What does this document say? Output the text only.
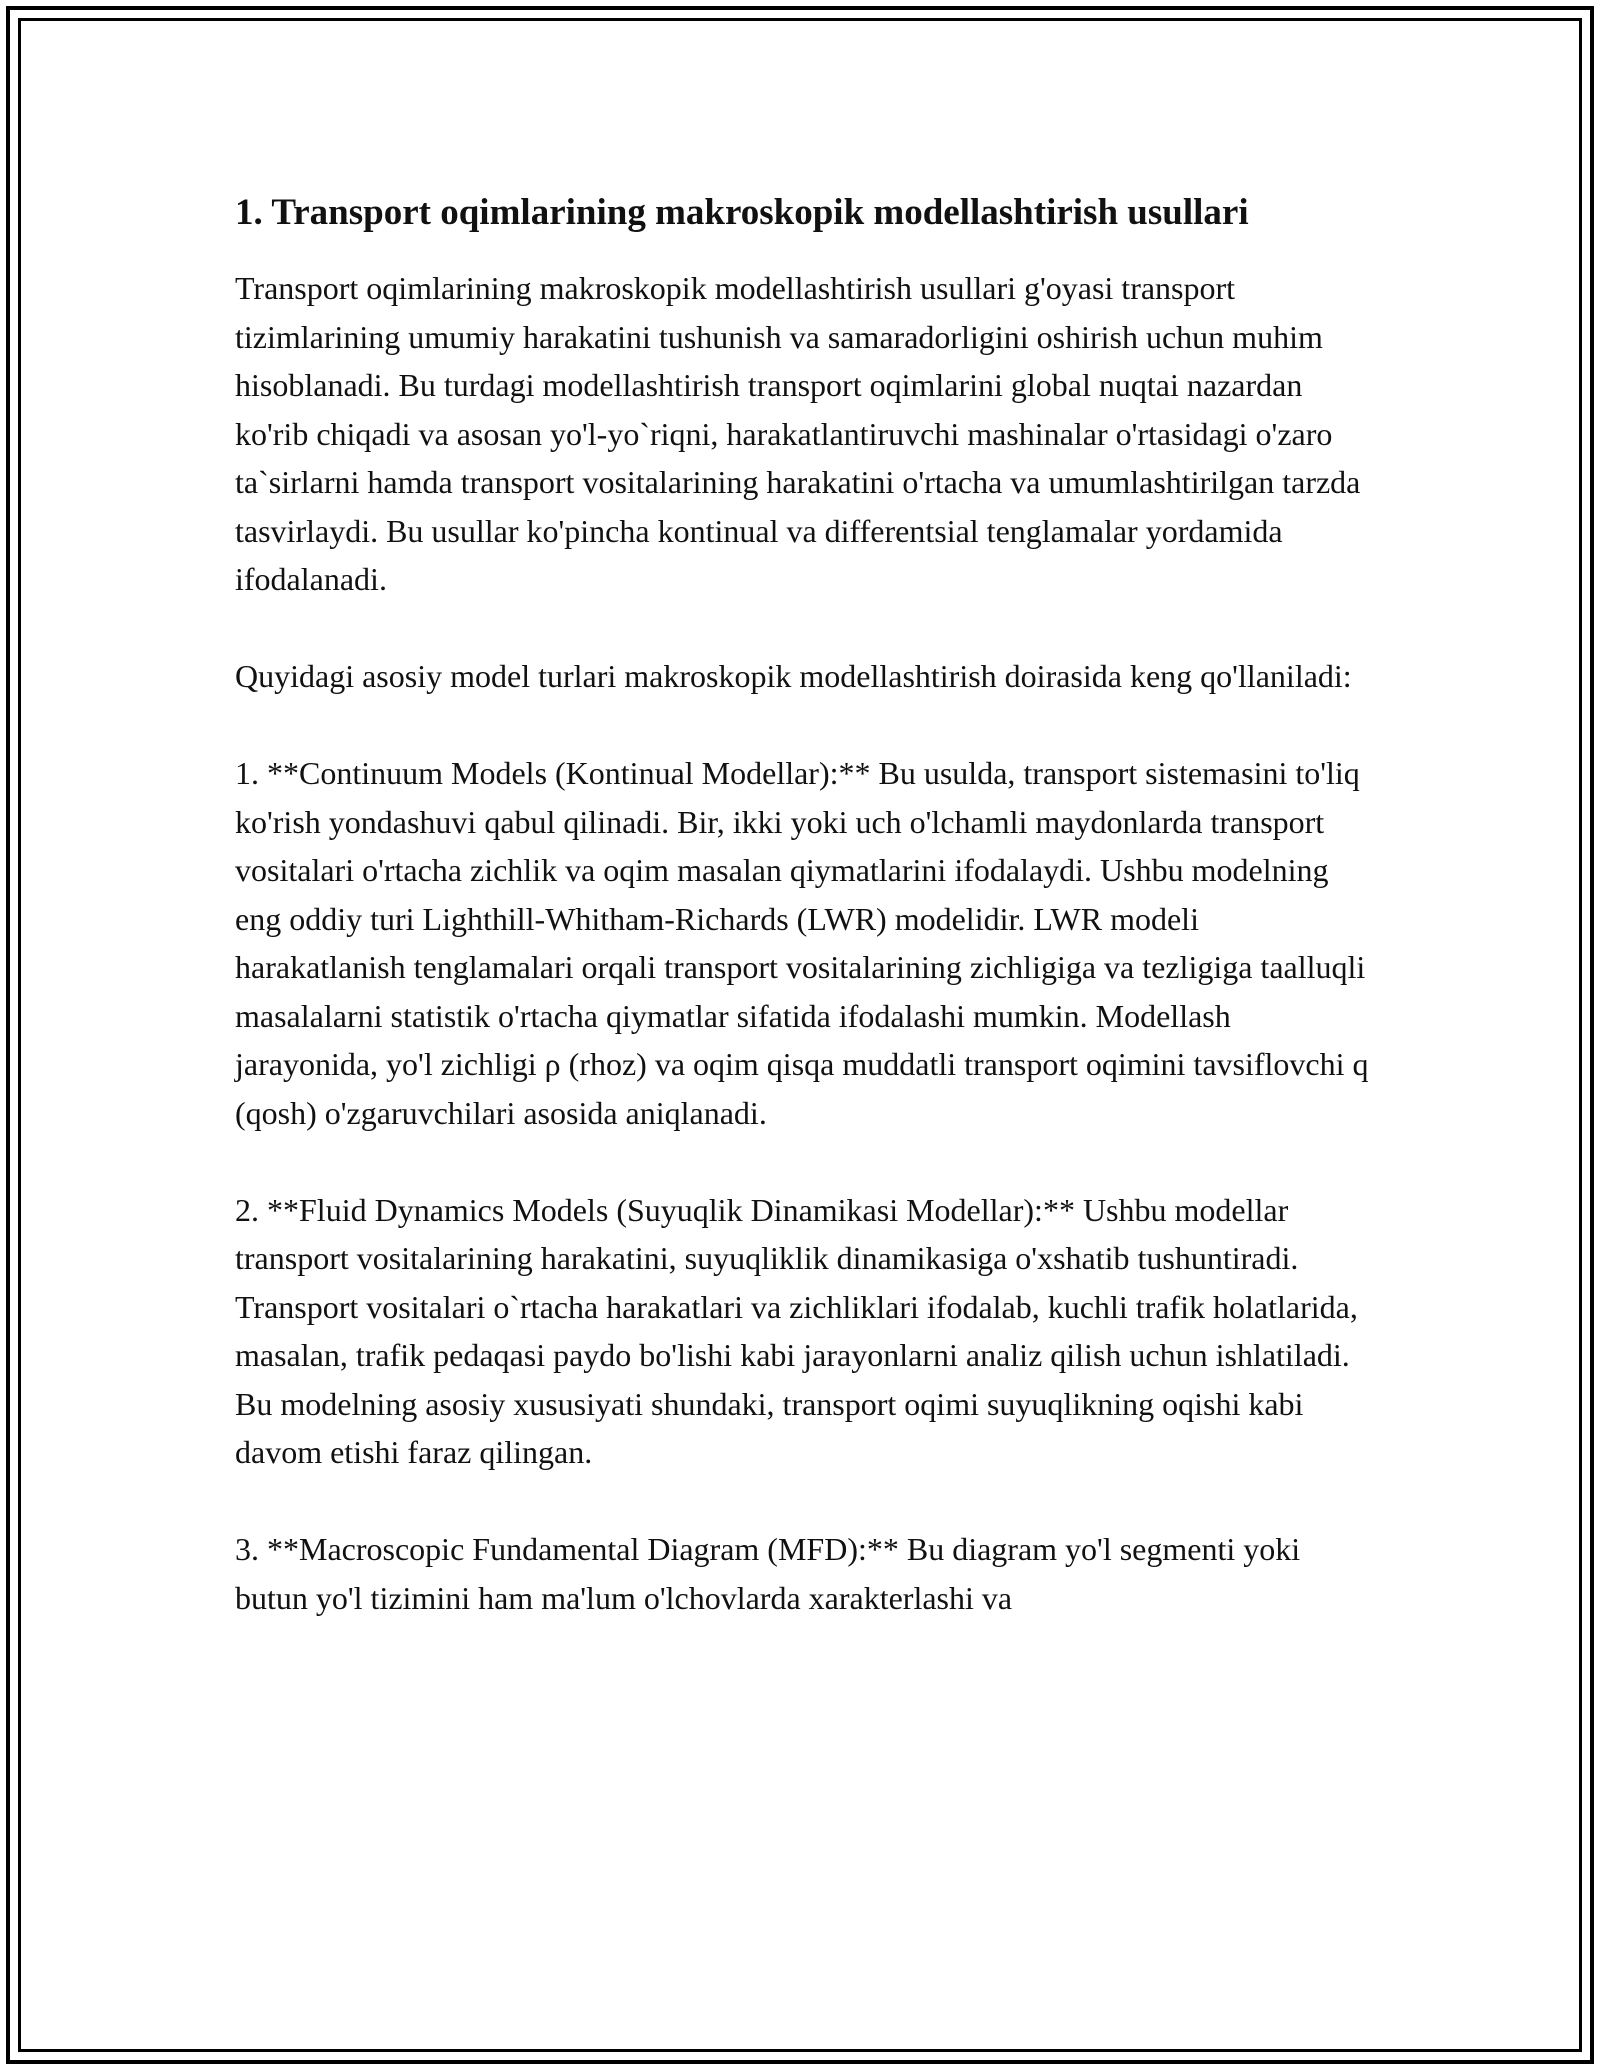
1. Transport oqimlarining makroskopik modellashtirish usullari

Transport oqimlarining makroskopik modellashtirish usullari g'oyasi transport tizimlarining umumiy harakatini tushunish va samaradorligini oshirish uchun muhim hisoblanadi. Bu turdagi modellashtirish transport oqimlarini global nuqtai nazardan ko'rib chiqadi va asosan yo'l-yo`riqni, harakatlantiruvchi mashinalar o'rtasidagi o'zaro ta`sirlarni hamda transport vositalarining harakatini o'rtacha va umumlashtirilgan tarzda tasvirlaydi. Bu usullar ko'pincha kontinual va differentsial tenglamalar yordamida ifodalanadi.

Quyidagi asosiy model turlari makroskopik modellashtirish doirasida keng qo'llaniladi:

1. **Continuum Models (Kontinual Modellar):** Bu usulda, transport sistemasini to'liq ko'rish yondashuvi qabul qilinadi. Bir, ikki yoki uch o'lchamli maydonlarda transport vositalari o'rtacha zichlik va oqim masalan qiymatlarini ifodalaydi. Ushbu modelning eng oddiy turi Lighthill-Whitham-Richards (LWR) modelidir. LWR modeli harakatlanish tenglamalari orqali transport vositalarining zichligiga va tezligiga taalluqli masalalarni statistik o'rtacha qiymatlar sifatida ifodalashi mumkin. Modellash jarayonida, yo'l zichligi ρ (rhoz) va oqim qisqa muddatli transport oqimini tavsiflovchi q (qosh) o'zgaruvchilari asosida aniqlanadi.

2. **Fluid Dynamics Models (Suyuqlik Dinamikasi Modellar):** Ushbu modellar transport vositalarining harakatini, suyuqliklik dinamikasiga o'xshatib tushuntiradi. Transport vositalari o`rtacha harakatlari va zichliklari ifodalab, kuchli trafik holatlarida, masalan, trafik pedaqasi paydo bo'lishi kabi jarayonlarni analiz qilish uchun ishlatiladi. Bu modelning asosiy xususiyati shundaki, transport oqimi suyuqlikning oqishi kabi davom etishi faraz qilingan.

3. **Macroscopic Fundamental Diagram (MFD):** Bu diagram yo'l segmenti yoki butun yo'l tizimini ham ma'lum o'lchovlarda xarakterlashi va
